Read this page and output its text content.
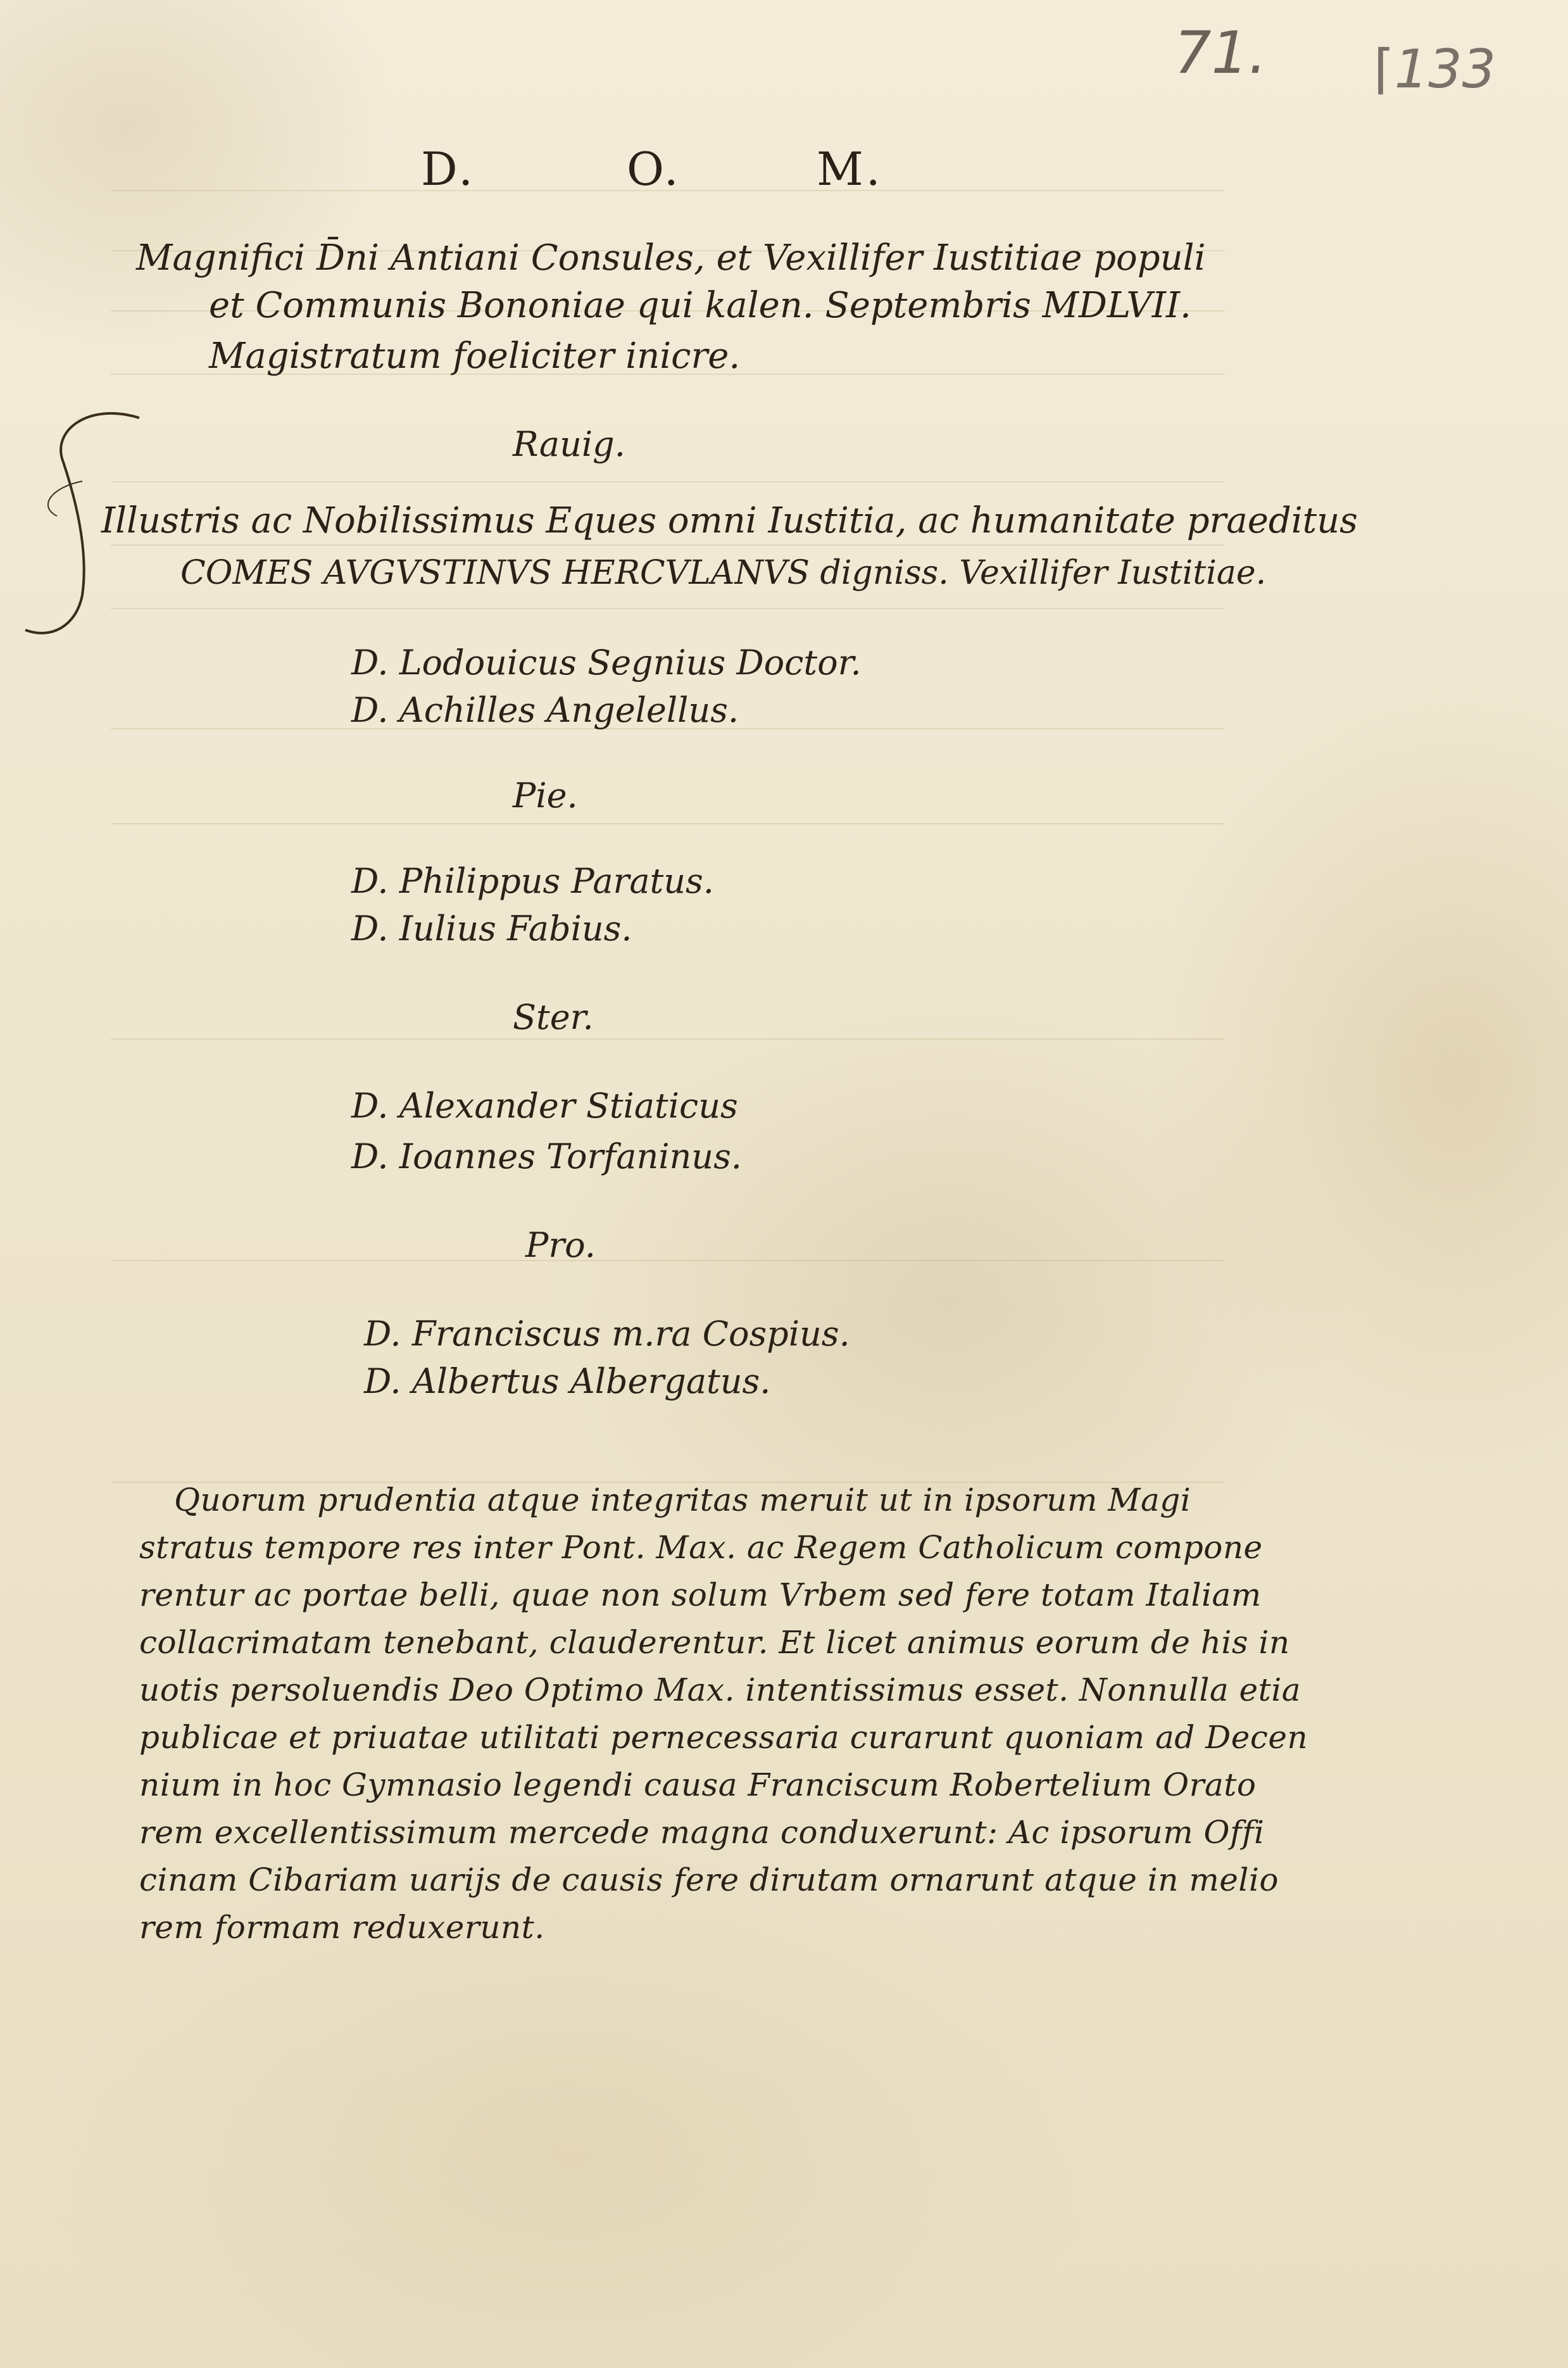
71. ⌈133
D.	O.	M.
Magnifici D̄ni Antiani Consules, et Vexillifer Iustitiae populi
et Communis Bononiae qui kalen. Septembris MDLVII.
Magistratum foeliciter inicre.
Rauig.
Illustris ac Nobilissimus Eques omni Iustitia, ac humanitate praeditus
COMES AVGVSTINVS HERCVLANVS digniss. Vexillifer Iustitiae.
D. Lodouicus Segnius Doctor.
D. Achilles Angelellus.
Pie.
D. Philippus Paratus.
D. Iulius Fabius.
Ster.
D. Alexander Stiaticus
D. Ioannes Torfaninus.
Pro.
D. Franciscus m.ra Cospius.
D. Albertus Albergatus.
Quorum prudentia atque integritas meruit ut in ipsorum Magi
stratus tempore res inter Pont. Max. ac Regem Catholicum compone
rentur ac portae belli, quae non solum Vrbem sed fere totam Italiam
collacrimatam tenebant, clauderentur. Et licet animus eorum de his in
uotis persoluendis Deo Optimo Max. intentissimus esset. Nonnulla etia
publicae et priuatae utilitati pernecessaria curarunt quoniam ad Decen
nium in hoc Gymnasio legendi causa Franciscum Robertelium Orato
rem excellentissimum mercede magna conduxerunt: Ac ipsorum Offi
cinam Cibariam uarijs de causis fere dirutam ornarunt atque in melio
rem formam reduxerunt.
